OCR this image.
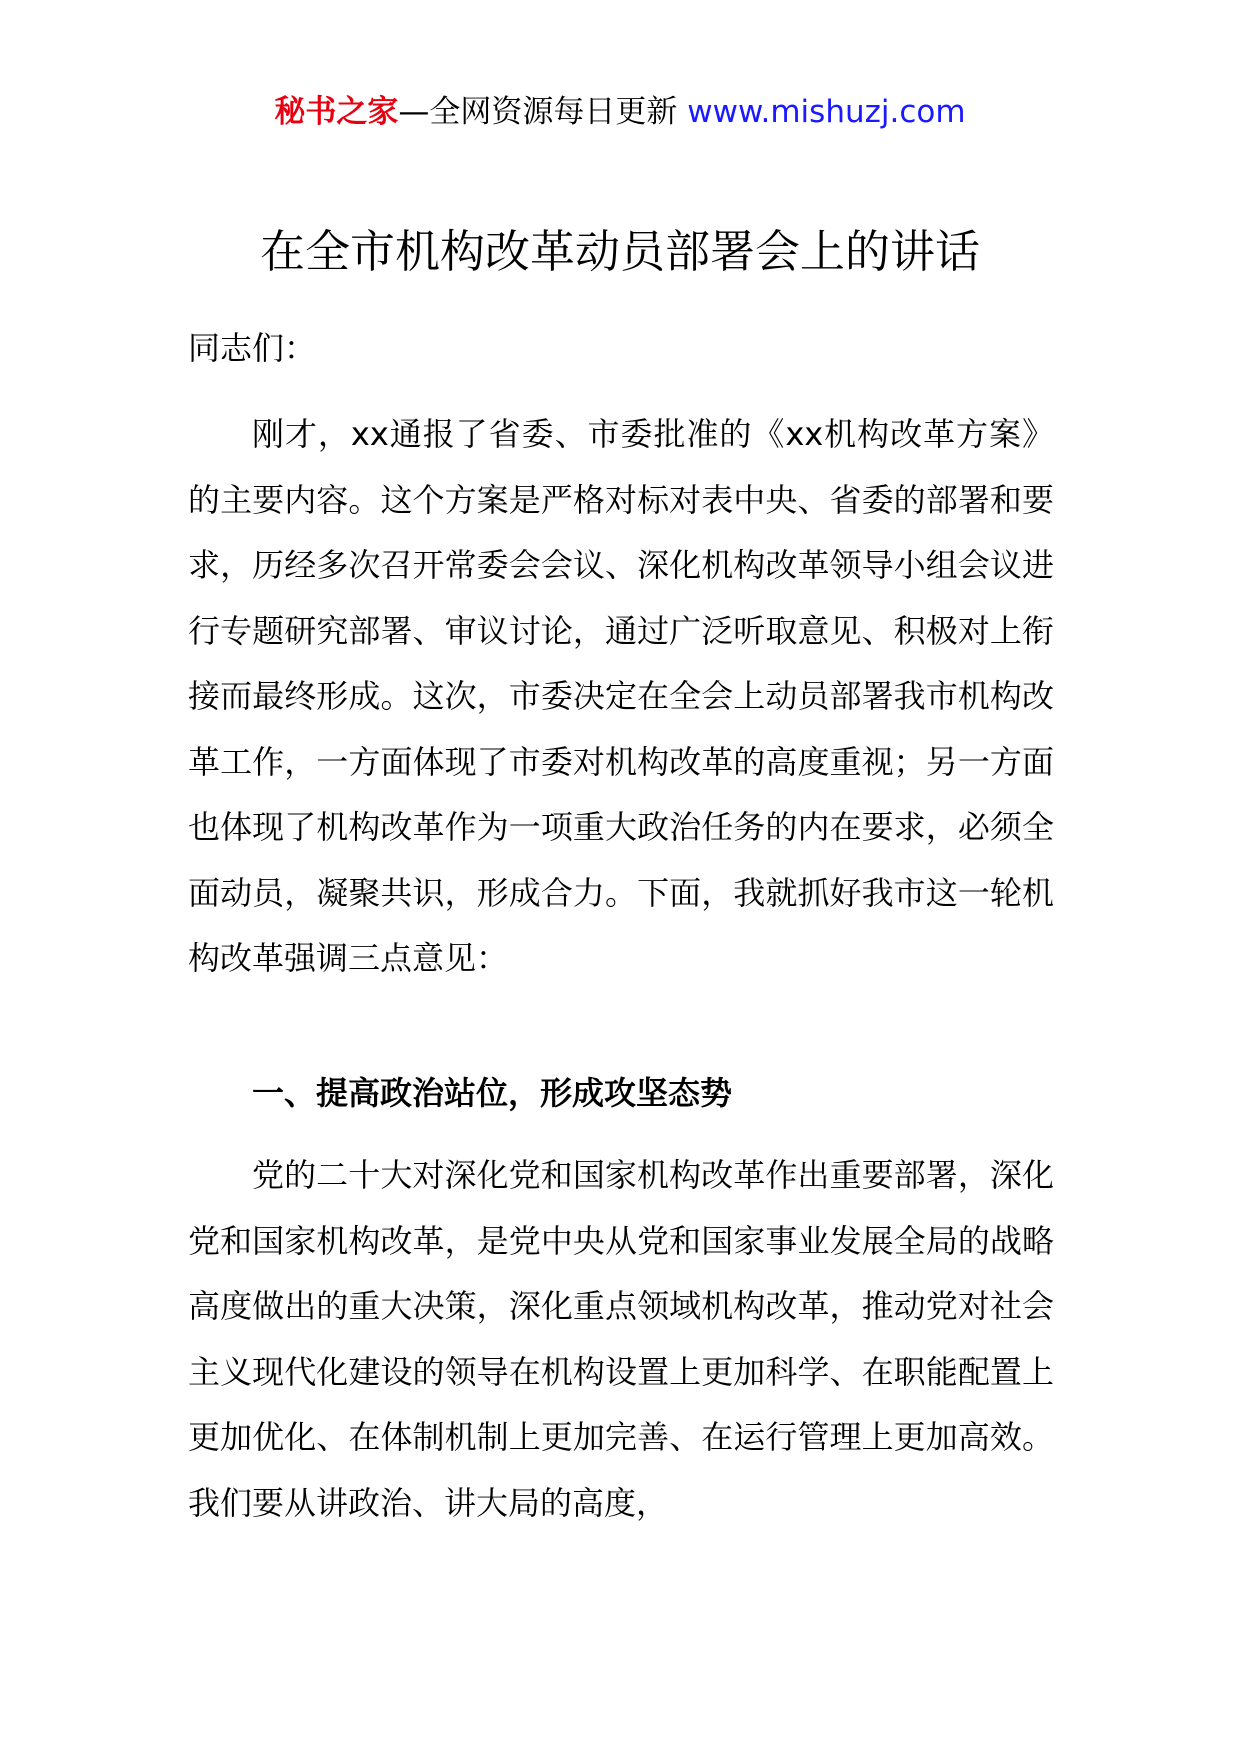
秘书之家—全网资源每日更新 www.mishuzj.com
在全市机构改革动员部署会上的讲话
同志们：
刚才，xx通报了省委、市委批准的《xx机构改革方案》的主要内容。这个方案是严格对标对表中央、省委的部署和要求，历经多次召开常委会会议、深化机构改革领导小组会议进行专题研究部署、审议讨论，通过广泛听取意见、积极对上衔接而最终形成。这次，市委决定在全会上动员部署我市机构改革工作，一方面体现了市委对机构改革的高度重视；另一方面也体现了机构改革作为一项重大政治任务的内在要求，必须全面动员，凝聚共识，形成合力。下面，我就抓好我市这一轮机构改革强调三点意见：
一、提高政治站位，形成攻坚态势
党的二十大对深化党和国家机构改革作出重要部署，深化党和国家机构改革，是党中央从党和国家事业发展全局的战略高度做出的重大决策，深化重点领域机构改革，推动党对社会主义现代化建设的领导在机构设置上更加科学、在职能配置上更加优化、在体制机制上更加完善、在运行管理上更加高效。我们要从讲政治、讲大局的高度，
